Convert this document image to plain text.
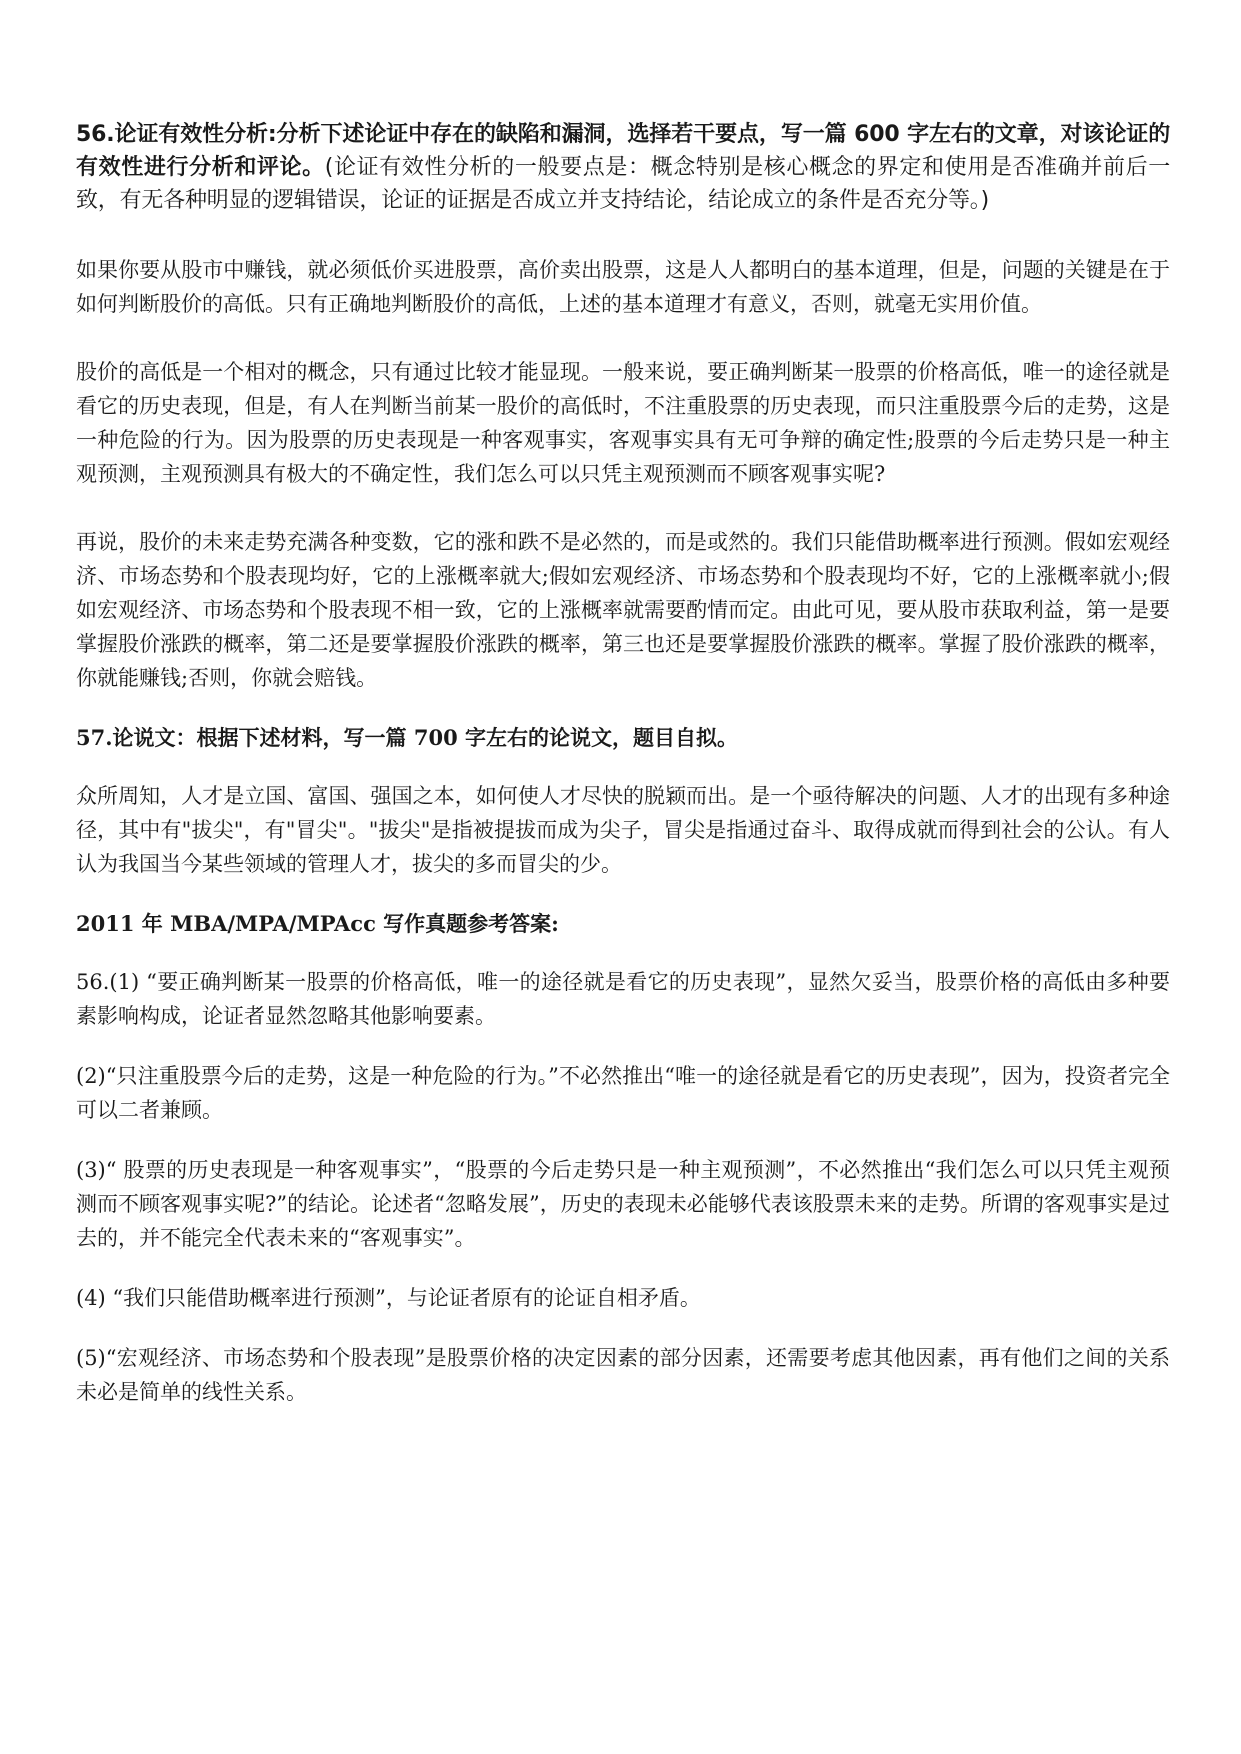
56.论证有效性分析:分析下述论证中存在的缺陷和漏洞，选择若干要点，写一篇 600 字左右的文章，对该论证的有效性进行分析和评论。(论证有效性分析的一般要点是：概念特别是核心概念的界定和使用是否准确并前后一致，有无各种明显的逻辑错误，论证的证据是否成立并支持结论，结论成立的条件是否充分等。)

如果你要从股市中赚钱，就必须低价买进股票，高价卖出股票，这是人人都明白的基本道理，但是，问题的关键是在于如何判断股价的高低。只有正确地判断股价的高低，上述的基本道理才有意义，否则，就毫无实用价值。

股价的高低是一个相对的概念，只有通过比较才能显现。一般来说，要正确判断某一股票的价格高低，唯一的途径就是看它的历史表现，但是，有人在判断当前某一股价的高低时，不注重股票的历史表现，而只注重股票今后的走势，这是一种危险的行为。因为股票的历史表现是一种客观事实，客观事实具有无可争辩的确定性;股票的今后走势只是一种主观预测，主观预测具有极大的不确定性，我们怎么可以只凭主观预测而不顾客观事实呢?

再说，股价的未来走势充满各种变数，它的涨和跌不是必然的，而是或然的。我们只能借助概率进行预测。假如宏观经济、市场态势和个股表现均好，它的上涨概率就大;假如宏观经济、市场态势和个股表现均不好，它的上涨概率就小;假如宏观经济、市场态势和个股表现不相一致，它的上涨概率就需要酌情而定。由此可见，要从股市获取利益，第一是要掌握股价涨跌的概率，第二还是要掌握股价涨跌的概率，第三也还是要掌握股价涨跌的概率。掌握了股价涨跌的概率，你就能赚钱;否则，你就会赔钱。

57.论说文：根据下述材料，写一篇 700 字左右的论说文，题目自拟。

众所周知，人才是立国、富国、强国之本，如何使人才尽快的脱颖而出。是一个亟待解决的问题、人才的出现有多种途径，其中有"拔尖"，有"冒尖"。"拔尖"是指被提拔而成为尖子，冒尖是指通过奋斗、取得成就而得到社会的公认。有人认为我国当今某些领域的管理人才，拔尖的多而冒尖的少。

2011 年 MBA/MPA/MPAcc 写作真题参考答案:

56.(1) “要正确判断某一股票的价格高低，唯一的途径就是看它的历史表现”，显然欠妥当，股票价格的高低由多种要素影响构成，论证者显然忽略其他影响要素。

(2)“只注重股票今后的走势，这是一种危险的行为。”不必然推出“唯一的途径就是看它的历史表现”，因为，投资者完全可以二者兼顾。

(3)“ 股票的历史表现是一种客观事实”，“股票的今后走势只是一种主观预测”，不必然推出“我们怎么可以只凭主观预测而不顾客观事实呢?”的结论。论述者“忽略发展”，历史的表现未必能够代表该股票未来的走势。所谓的客观事实是过去的，并不能完全代表未来的“客观事实”。

(4) “我们只能借助概率进行预测”，与论证者原有的论证自相矛盾。

(5)“宏观经济、市场态势和个股表现”是股票价格的决定因素的部分因素，还需要考虑其他因素，再有他们之间的关系未必是简单的线性关系。
